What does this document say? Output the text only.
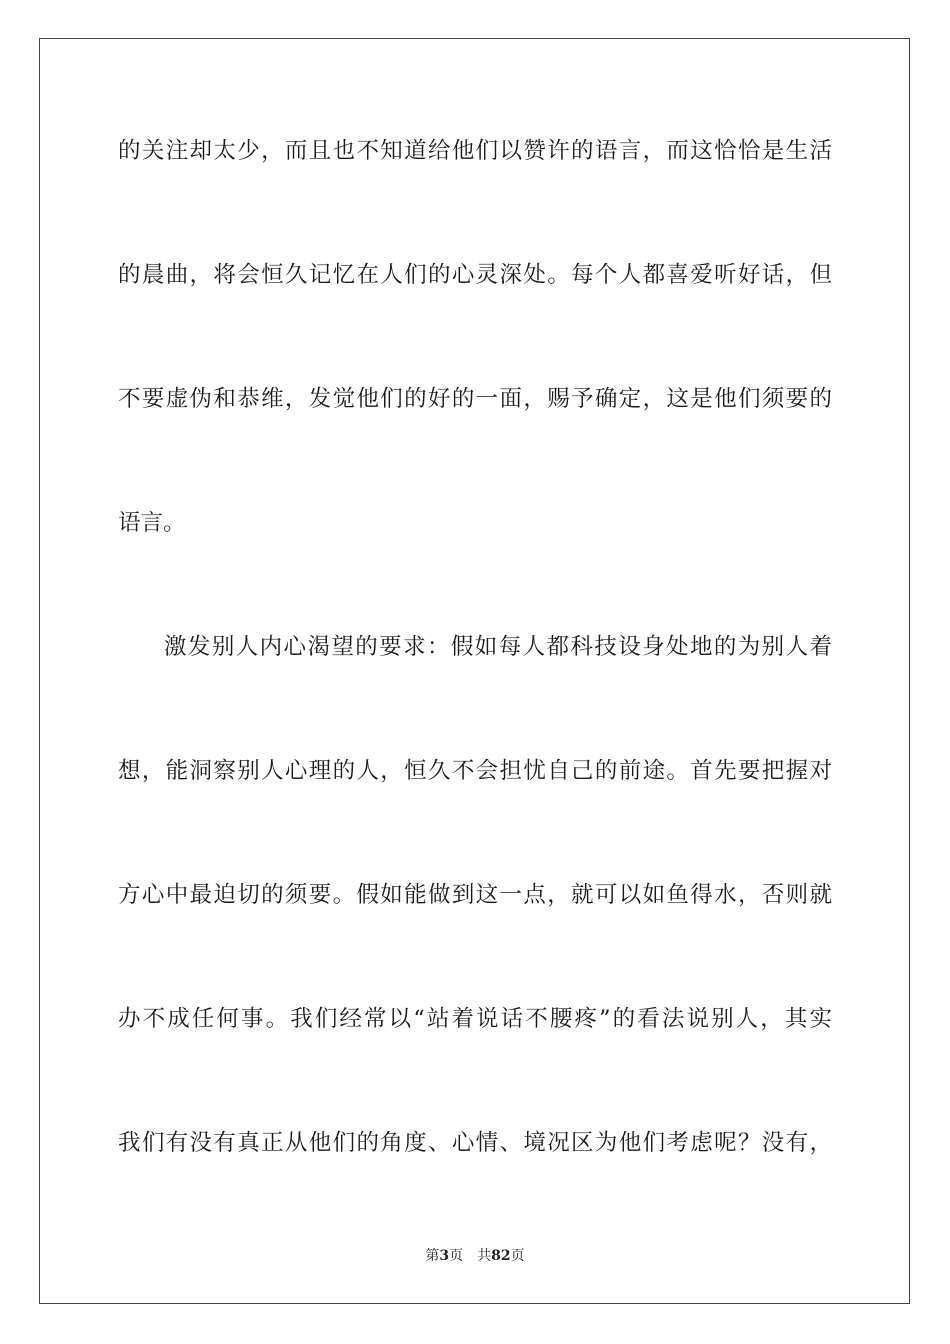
的关注却太少，而且也不知道给他们以赞许的语言，而这恰恰是生活
的晨曲，将会恒久记忆在人们的心灵深处。每个人都喜爱听好话，但
不要虚伪和恭维，发觉他们的好的一面，赐予确定，这是他们须要的
语言。
激发别人内心渴望的要求：假如每人都科技设身处地的为别人着
想，能洞察别人心理的人，恒久不会担忧自己的前途。首先要把握对
方心中最迫切的须要。假如能做到这一点，就可以如鱼得水，否则就
办不成任何事。我们经常以“站着说话不腰疼”的看法说别人，其实
我们有没有真正从他们的角度、心情、境况区为他们考虑呢？没有，
第3页 共82页
